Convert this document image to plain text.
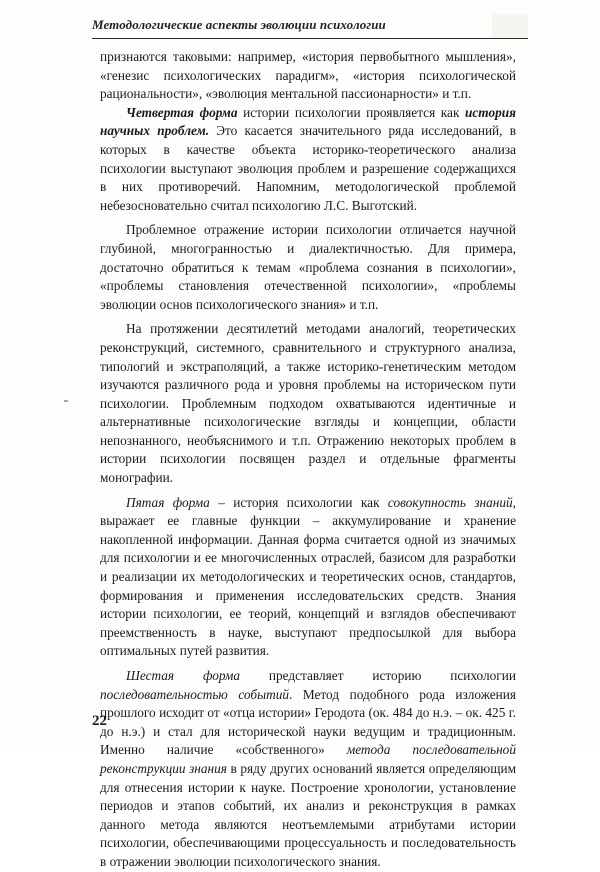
Методологические аспекты эволюции психологии

признаются таковыми: например, «история первобытного мышления», «генезис психологических парадигм», «история психологической рациональности», «эволюция ментальной пассионарности» и т.п.

Четвертая форма истории психологии проявляется как история научных проблем. Это касается значительного ряда исследований, в которых в качестве объекта историко-теоретического анализа психологии выступают эволюция проблем и разрешение содержащихся в них противоречий. Напомним, методологической проблемой небезосновательно считал психологию Л.С. Выготский.

Проблемное отражение истории психологии отличается научной глубиной, многогранностью и диалектичностью. Для примера, достаточно обратиться к темам «проблема сознания в психологии», «проблемы становления отечественной психологии», «проблемы эволюции основ психологического знания» и т.п.

На протяжении десятилетий методами аналогий, теоретических реконструкций, системного, сравнительного и структурного анализа, типологий и экстраполяций, а также историко-генетическим методом изучаются различного рода и уровня проблемы на историческом пути психологии. Проблемным подходом охватываются идентичные и альтернативные психологические взгляды и концепции, области непознанного, необъяснимого и т.п. Отражению некоторых проблем в истории психологии посвящен раздел и отдельные фрагменты монографии.

Пятая форма – история психологии как совокупность знаний, выражает ее главные функции – аккумулирование и хранение накопленной информации. Данная форма считается одной из значимых для психологии и ее многочисленных отраслей, базисом для разработки и реализации их методологических и теоретических основ, стандартов, формирования и применения исследовательских средств. Знания истории психологии, ее теорий, концепций и взглядов обеспечивают преемственность в науке, выступают предпосылкой для выбора оптимальных путей развития.

Шестая форма представляет историю психологии последовательностью событий. Метод подобного рода изложения прошлого исходит от «отца истории» Геродота (ок. 484 до н.э. – ок. 425 г. до н.э.) и стал для исторической науки ведущим и традиционным. Именно наличие «собственного» метода последовательной реконструкции знания в ряду других оснований является определяющим для отнесения истории к науке. Построение хронологии, установление периодов и этапов событий, их анализ и реконструкция в рамках данного метода являются неотъемлемыми атрибутами истории психологии, обеспечивающими процессуальность и последовательность в отражении эволюции психологического знания.

22
